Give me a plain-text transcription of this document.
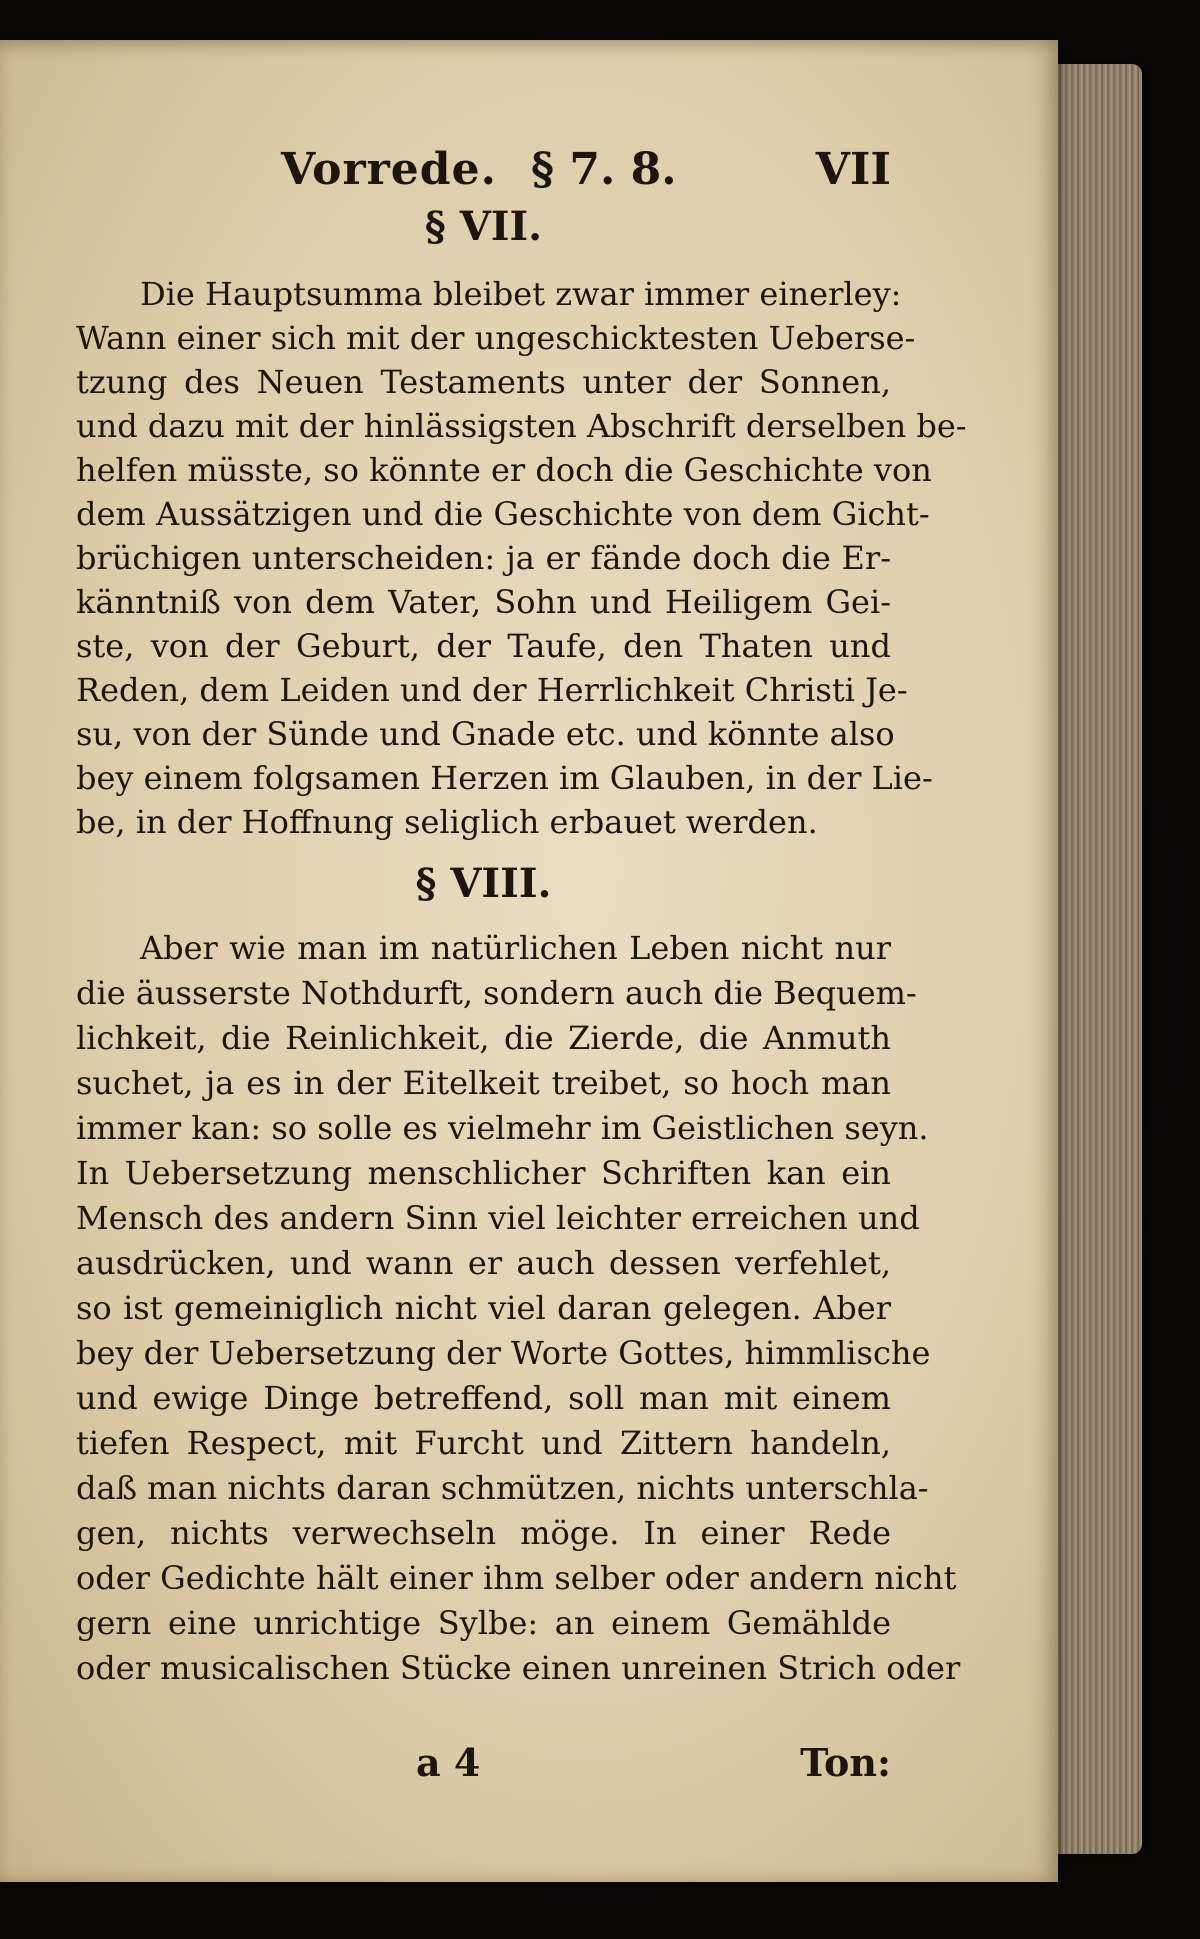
Vorrede. § 7. 8.	VII
§ VII.
Die Hauptsumma bleibet zwar immer einerley:
Wann einer sich mit der ungeschicktesten Ueberse-
tzung des Neuen Testaments unter der Sonnen,
und dazu mit der hinlässigsten Abschrift derselben be-
helfen müsste, so könnte er doch die Geschichte von
dem Aussätzigen und die Geschichte von dem Gicht-
brüchigen unterscheiden: ja er fände doch die Er-
känntniß von dem Vater, Sohn und Heiligem Gei-
ste, von der Geburt, der Taufe, den Thaten und
Reden, dem Leiden und der Herrlichkeit Christi Je-
su, von der Sünde und Gnade etc. und könnte also
bey einem folgsamen Herzen im Glauben, in der Lie-
be, in der Hoffnung seliglich erbauet werden.
§ VIII.
Aber wie man im natürlichen Leben nicht nur
die äusserste Nothdurft, sondern auch die Bequem-
lichkeit, die Reinlichkeit, die Zierde, die Anmuth
suchet, ja es in der Eitelkeit treibet, so hoch man
immer kan: so solle es vielmehr im Geistlichen seyn.
In Uebersetzung menschlicher Schriften kan ein
Mensch des andern Sinn viel leichter erreichen und
ausdrücken, und wann er auch dessen verfehlet,
so ist gemeiniglich nicht viel daran gelegen. Aber
bey der Uebersetzung der Worte Gottes, himmlische
und ewige Dinge betreffend, soll man mit einem
tiefen Respect, mit Furcht und Zittern handeln,
daß man nichts daran schmützen, nichts unterschla-
gen, nichts verwechseln möge. In einer Rede
oder Gedichte hält einer ihm selber oder andern nicht
gern eine unrichtige Sylbe: an einem Gemählde
oder musicalischen Stücke einen unreinen Strich oder
a 4	Ton:
